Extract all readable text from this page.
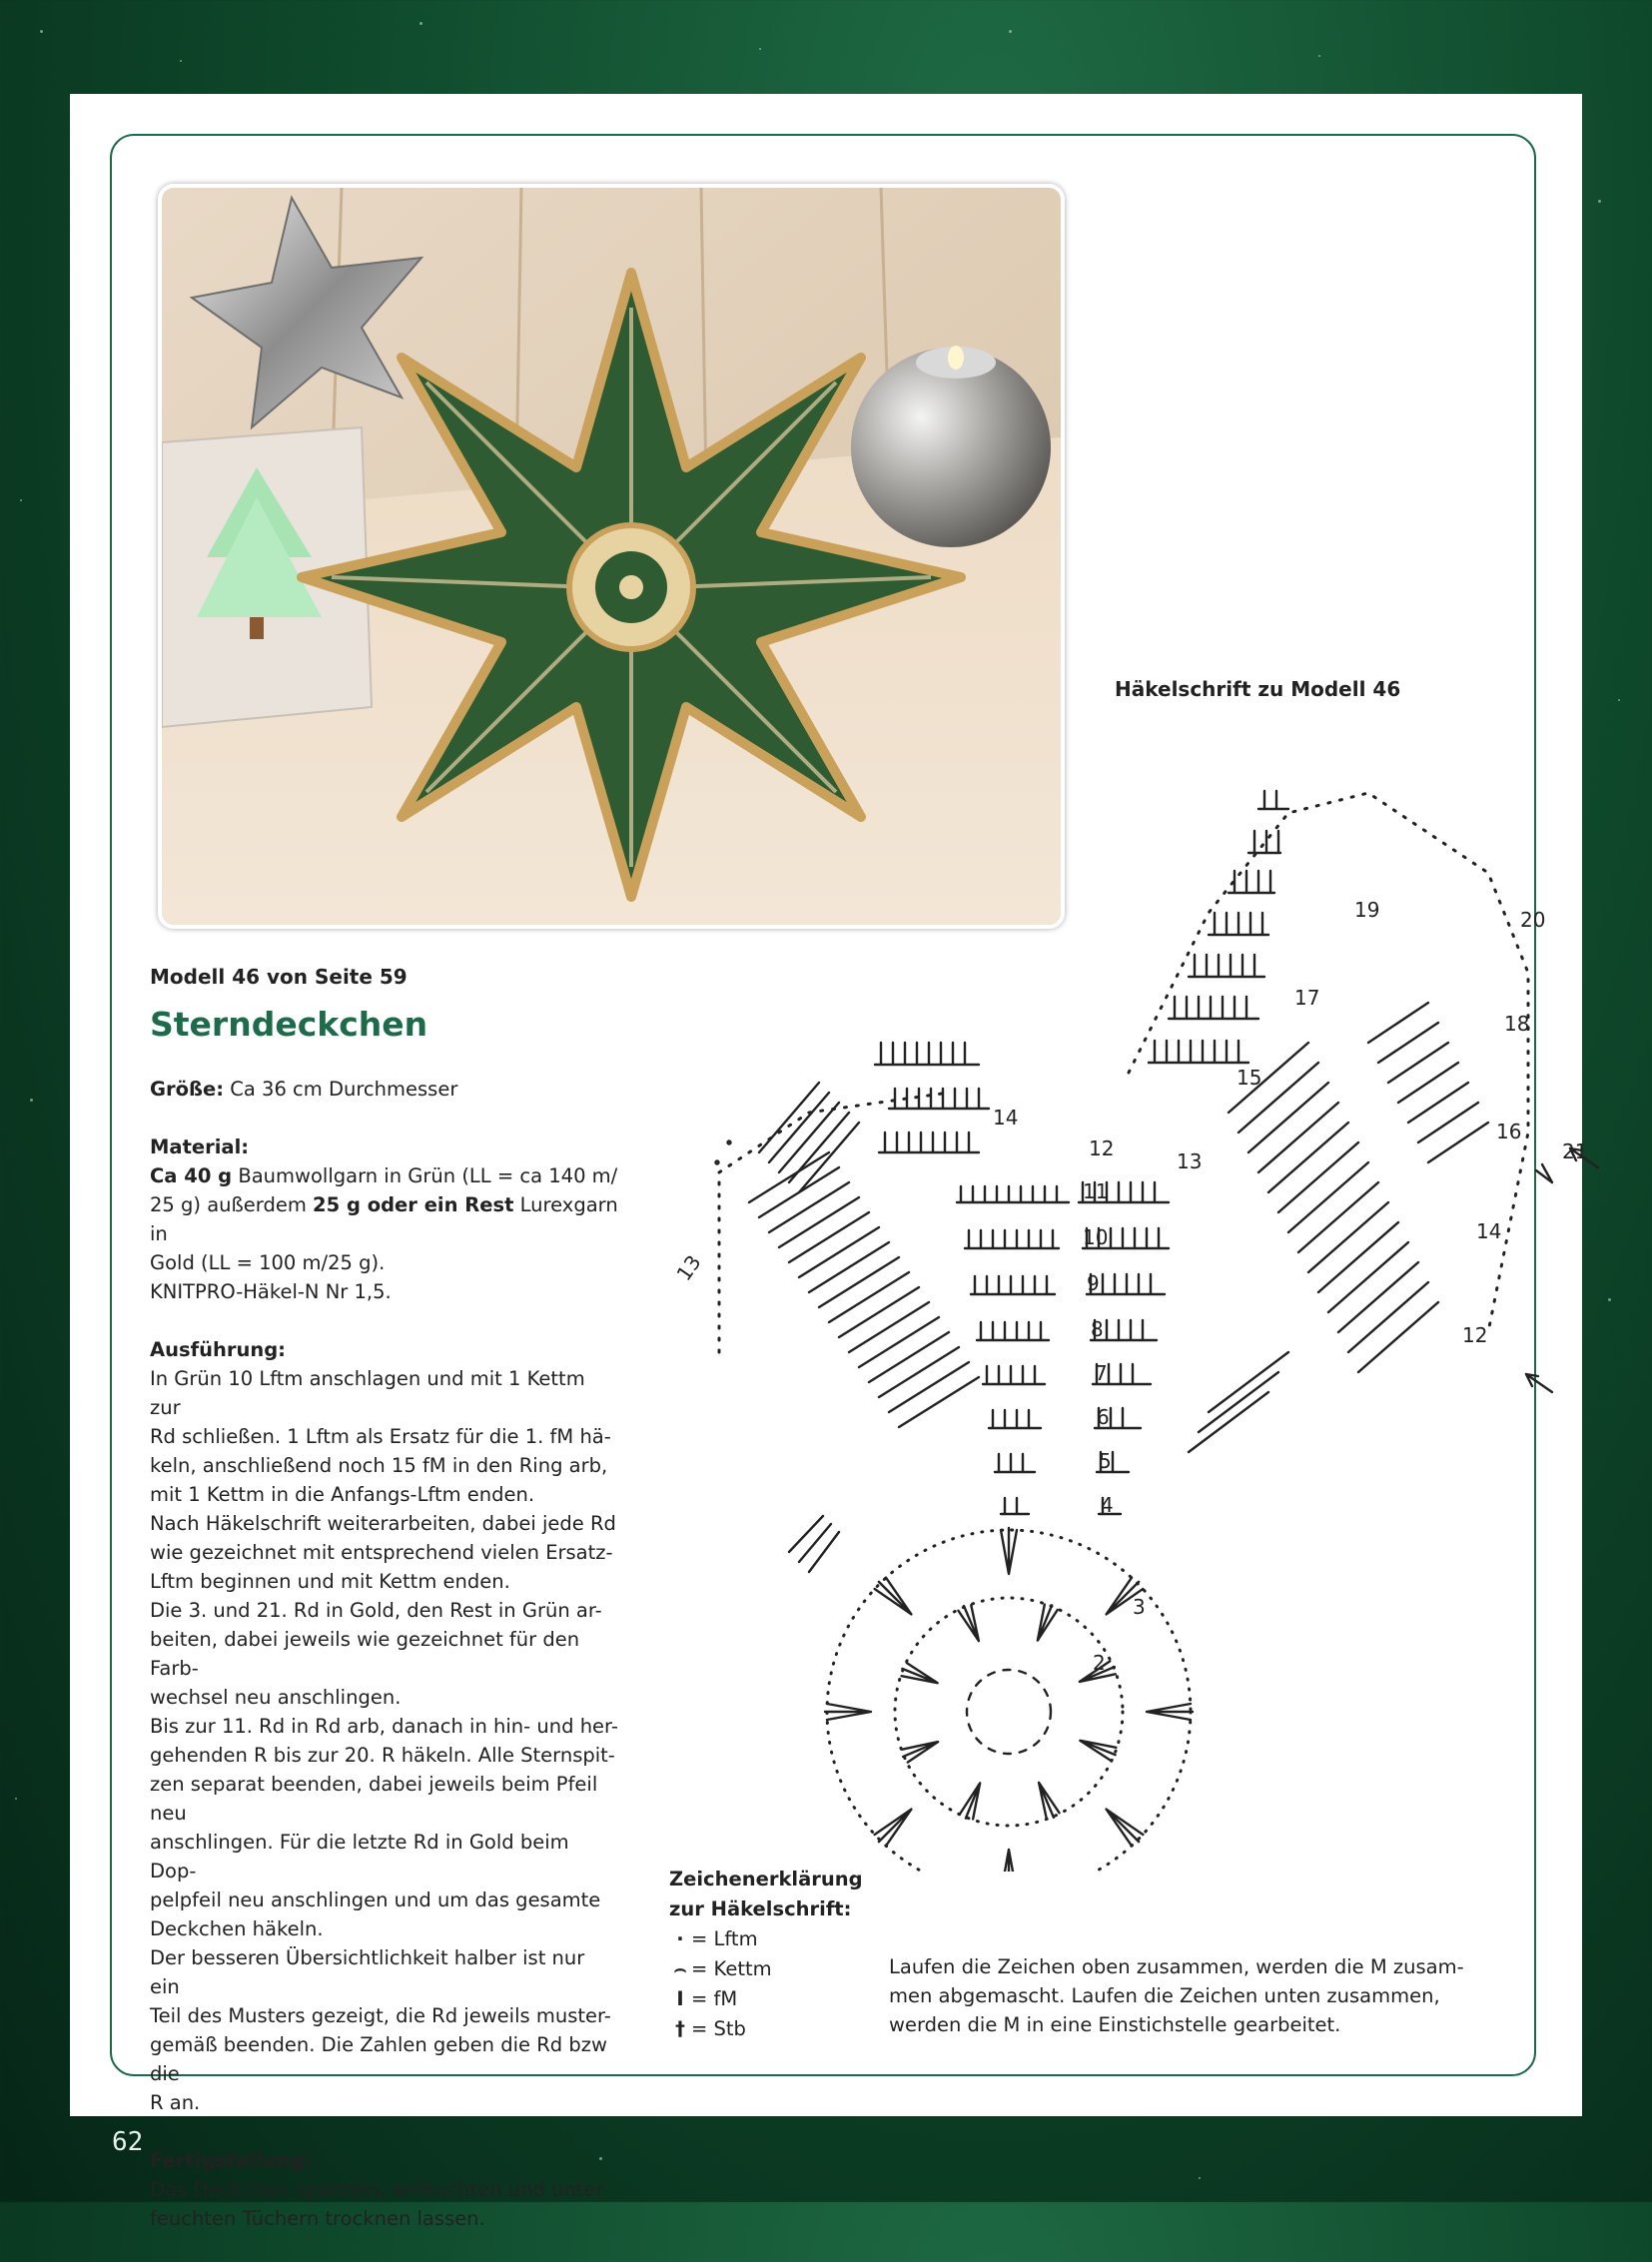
Modell 46 von Seite 59
Sterndeckchen
Größe: Ca 36 cm Durchmesser
Material:
Ca 40 g Baumwollgarn in Grün (LL = ca 140 m/
25 g) außerdem 25 g oder ein Rest Lurexgarn in
Gold (LL = 100 m/25 g).
KNITPRO-Häkel-N Nr 1,5.
Ausführung:
In Grün 10 Lftm anschlagen und mit 1 Kettm zur
Rd schließen. 1 Lftm als Ersatz für die 1. fM hä-
keln, anschließend noch 15 fM in den Ring arb,
mit 1 Kettm in die Anfangs-Lftm enden.
Nach Häkelschrift weiterarbeiten, dabei jede Rd
wie gezeichnet mit entsprechend vielen Ersatz-
Lftm beginnen und mit Kettm enden.
Die 3. und 21. Rd in Gold, den Rest in Grün ar-
beiten, dabei jeweils wie gezeichnet für den Farb-
wechsel neu anschlingen.
Bis zur 11. Rd in Rd arb, danach in hin- und her-
gehenden R bis zur 20. R häkeln. Alle Sternspit-
zen separat beenden, dabei jeweils beim Pfeil neu
anschlingen. Für die letzte Rd in Gold beim Dop-
pelpfeil neu anschlingen und um das gesamte
Deckchen häkeln.
Der besseren Übersichtlichkeit halber ist nur ein
Teil des Musters gezeigt, die Rd jeweils muster-
gemäß beenden. Die Zahlen geben die Rd bzw die
R an.
Fertigstellung:
Das Deckchen spannen, anfeuchten und unter
feuchten Tüchern trocknen lassen.
Häkelschrift zu Modell 46
12
11
10
9
8
7
6
5
4
13
14
13
15
17
19
12
14
16
18
20
21
2
3
Zeichenerklärung
zur Häkelschrift:
· = Lftm
⌢ = Kettm
I = fM
† = Stb
Laufen die Zeichen oben zusammen, werden die M zusam-
men abgemascht. Laufen die Zeichen unten zusammen,
werden die M in eine Einstichstelle gearbeitet.
62
